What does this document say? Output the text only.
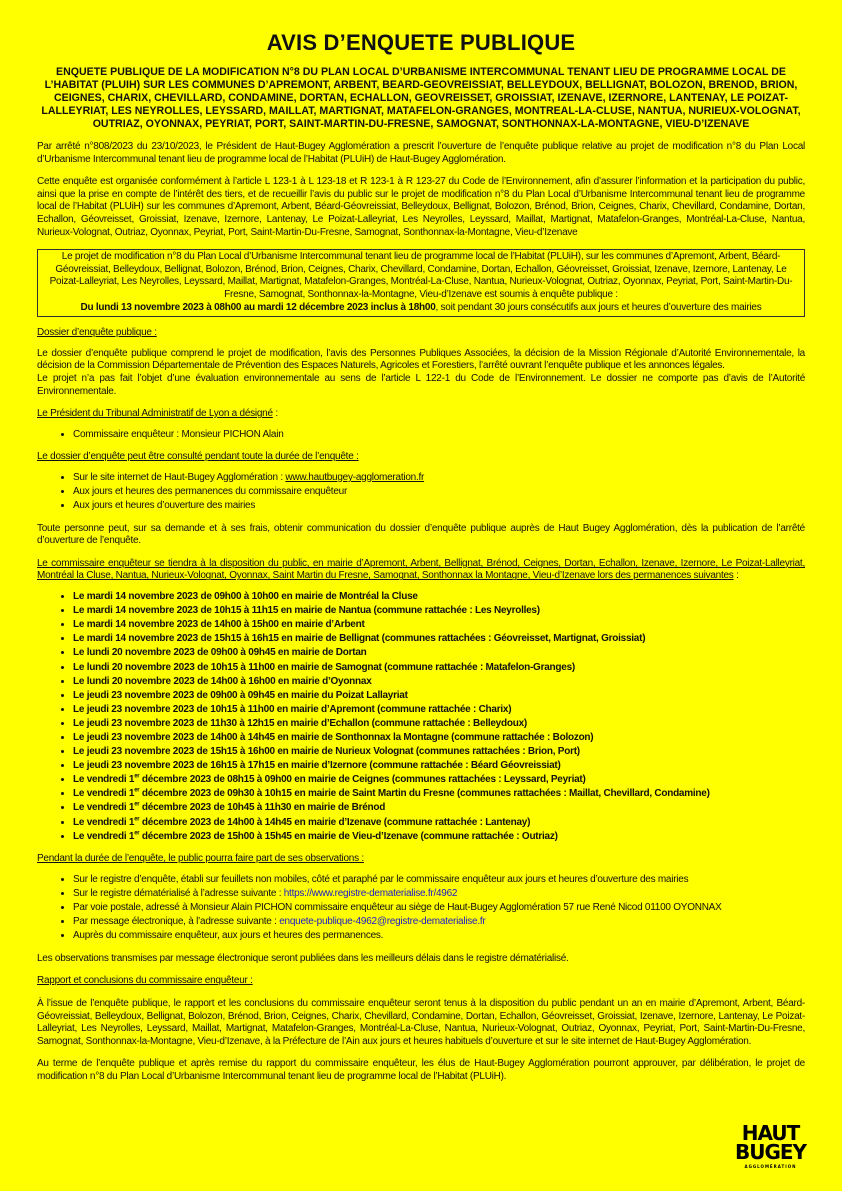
AVIS D’ENQUETE PUBLIQUE
ENQUETE PUBLIQUE DE LA MODIFICATION N°8 DU PLAN LOCAL D’URBANISME INTERCOMMUNAL TENANT LIEU DE PROGRAMME LOCAL DE L’HABITAT (PLUIH) SUR LES COMMUNES D’APREMONT, ARBENT, BEARD-GEOVREISSIAT, BELLEYDOUX, BELLIGNAT, BOLOZON, BRENOD, BRION, CEIGNES, CHARIX, CHEVILLARD, CONDAMINE, DORTAN, ECHALLON, GEOVREISSET, GROISSIAT, IZENAVE, IZERNORE, LANTENAY, LE POIZAT-LALLEYRIAT, LES NEYROLLES, LEYSSARD, MAILLAT, MARTIGNAT, MATAFELON-GRANGES, MONTREAL-LA-CLUSE, NANTUA, NURIEUX-VOLOGNAT, OUTRIAZ, OYONNAX, PEYRIAT, PORT, SAINT-MARTIN-DU-FRESNE, SAMOGNAT, SONTHONNAX-LA-MONTAGNE, VIEU-D’IZENAVE

Par arrêté n°808/2023 du 23/10/2023, le Président de Haut-Bugey Agglomération a prescrit l’ouverture de l’enquête publique relative au projet de modification n°8 du Plan Local d’Urbanisme Intercommunal tenant lieu de programme local de l’Habitat (PLUiH) de Haut-Bugey Agglomération.

Cette enquête est organisée conformément à l’article L 123-1 à L 123-18 et R 123-1 à R 123-27 du Code de l’Environnement, afin d’assurer l’information et la participation du public, ainsi que la prise en compte de l’intérêt des tiers, et de recueillir l’avis du public sur le projet de modification n°8 du Plan Local d’Urbanisme Intercommunal tenant lieu de programme local de l’Habitat (PLUiH) sur les communes d’Apremont, Arbent, Béard-Géovreissiat, Belleydoux, Bellignat, Bolozon, Brénod, Brion, Ceignes, Charix, Chevillard, Condamine, Dortan, Echallon, Géovreisset, Groissiat, Izenave, Izernore, Lantenay, Le Poizat-Lalleyriat, Les Neyrolles, Leyssard, Maillat, Martignat, Matafelon-Granges, Montréal-La-Cluse, Nantua, Nurieux-Volognat, Outriaz, Oyonnax, Peyriat, Port, Saint-Martin-Du-Fresne, Samognat, Sonthonnax-la-Montagne, Vieu-d’Izenave

Le projet de modification n°8 du Plan Local d’Urbanisme Intercommunal tenant lieu de programme local de l’Habitat (PLUiH), sur les communes d’Apremont, Arbent, Béard-Géovreissiat, Belleydoux, Bellignat, Bolozon, Brénod, Brion, Ceignes, Charix, Chevillard, Condamine, Dortan, Echallon, Géovreisset, Groissiat, Izenave, Izernore, Lantenay, Le Poizat-Lalleyriat, Les Neyrolles, Leyssard, Maillat, Martignat, Matafelon-Granges, Montréal-La-Cluse, Nantua, Nurieux-Volognat, Outriaz, Oyonnax, Peyriat, Port, Saint-Martin-Du-Fresne, Samognat, Sonthonnax-la-Montagne, Vieu-d’Izenave est soumis à enquête publique :
Du lundi 13 novembre 2023 à 08h00 au mardi 12 décembre 2023 inclus à 18h00, soit pendant 30 jours consécutifs aux jours et heures d’ouverture des mairies
Dossier d’enquête publique :

Le dossier d’enquête publique comprend le projet de modification, l’avis des Personnes Publiques Associées, la décision de la Mission Régionale d’Autorité Environnementale, la décision de la Commission Départementale de Prévention des Espaces Naturels, Agricoles et Forestiers, l’arrêté ouvrant l’enquête publique et les annonces légales.

Le projet n’a pas fait l’objet d’une évaluation environnementale au sens de l’article L 122-1 du Code de l’Environnement. Le dossier ne comporte pas d’avis de l’Autorité Environnementale.

Le Président du Tribunal Administratif de Lyon a désigné :
• Commissaire enquêteur : Monsieur PICHON Alain
Le dossier d’enquête peut être consulté pendant toute la durée de l’enquête :
• Sur le site internet de Haut-Bugey Agglomération : www.hautbugey-agglomeration.fr
• Aux jours et heures des permanences du commissaire enquêteur
• Aux jours et heures d’ouverture des mairies

Toute personne peut, sur sa demande et à ses frais, obtenir communication du dossier d’enquête publique auprès de Haut Bugey Agglomération, dès la publication de l’arrêté d’ouverture de l’enquête.

Le commissaire enquêteur se tiendra à la disposition du public, en mairie d’Apremont, Arbent, Bellignat, Brénod, Ceignes, Dortan, Echallon, Izenave, Izernore, Le Poizat-Lalleyriat, Montréal la Cluse, Nantua, Nurieux-Volognat, Oyonnax, Saint Martin du Fresne, Samognat, Sonthonnax la Montagne, Vieu-d’Izenave lors des permanences suivantes :
• Le mardi 14 novembre 2023 de 09h00 à 10h00 en mairie de Montréal la Cluse
• Le mardi 14 novembre 2023 de 10h15 à 11h15 en mairie de Nantua (commune rattachée : Les Neyrolles)
• Le mardi 14 novembre 2023 de 14h00 à 15h00 en mairie d’Arbent
• Le mardi 14 novembre 2023 de 15h15 à 16h15 en mairie de Bellignat (communes rattachées : Géovreisset, Martignat, Groissiat)
• Le lundi 20 novembre 2023 de 09h00 à 09h45 en mairie de Dortan
• Le lundi 20 novembre 2023 de 10h15 à 11h00 en mairie de Samognat (commune rattachée : Matafelon-Granges)
• Le lundi 20 novembre 2023 de 14h00 à 16h00 en mairie d’Oyonnax
• Le jeudi 23 novembre 2023 de 09h00 à 09h45 en mairie du Poizat Lallayriat
• Le jeudi 23 novembre 2023 de 10h15 à 11h00 en mairie d’Apremont (commune rattachée : Charix)
• Le jeudi 23 novembre 2023 de 11h30 à 12h15 en mairie d’Echallon (commune rattachée : Belleydoux)
• Le jeudi 23 novembre 2023 de 14h00 à 14h45 en mairie de Sonthonnax la Montagne (commune rattachée : Bolozon)
• Le jeudi 23 novembre 2023 de 15h15 à 16h00 en mairie de Nurieux Volognat (communes rattachées : Brion, Port)
• Le jeudi 23 novembre 2023 de 16h15 à 17h15 en mairie d’Izernore (commune rattachée : Béard Géovreissiat)
• Le vendredi 1er décembre 2023 de 08h15 à 09h00 en mairie de Ceignes (communes rattachées : Leyssard, Peyriat)
• Le vendredi 1er décembre 2023 de 09h30 à 10h15 en mairie de Saint Martin du Fresne (communes rattachées : Maillat, Chevillard, Condamine)
• Le vendredi 1er décembre 2023 de 10h45 à 11h30 en mairie de Brénod
• Le vendredi 1er décembre 2023 de 14h00 à 14h45 en mairie d’Izenave (commune rattachée : Lantenay)
• Le vendredi 1er décembre 2023 de 15h00 à 15h45 en mairie de Vieu-d’Izenave (commune rattachée : Outriaz)
Pendant la durée de l’enquête, le public pourra faire part de ses observations :
• Sur le registre d’enquête, établi sur feuillets non mobiles, côté et paraphé par le commissaire enquêteur aux jours et heures d’ouverture des mairies
• Sur le registre dématérialisé à l’adresse suivante : https://www.registre-dematerialise.fr/4962
• Par voie postale, adressé à Monsieur Alain PICHON commissaire enquêteur au siège de Haut-Bugey Agglomération 57 rue René Nicod 01100 OYONNAX
• Par message électronique, à l’adresse suivante : enquete-publique-4962@registre-dematerialise.fr
• Auprès du commissaire enquêteur, aux jours et heures des permanences.

Les observations transmises par message électronique seront publiées dans les meilleurs délais dans le registre dématérialisé.

Rapport et conclusions du commissaire enquêteur :

À l’issue de l’enquête publique, le rapport et les conclusions du commissaire enquêteur seront tenus à la disposition du public pendant un an en mairie d’Apremont, Arbent, Béard-Géovreissiat, Belleydoux, Bellignat, Bolozon, Brénod, Brion, Ceignes, Charix, Chevillard, Condamine, Dortan, Echallon, Géovreisset, Groissiat, Izenave, Izernore, Lantenay, Le Poizat-Lalleyriat, Les Neyrolles, Leyssard, Maillat, Martignat, Matafelon-Granges, Montréal-La-Cluse, Nantua, Nurieux-Volognat, Outriaz, Oyonnax, Peyriat, Port, Saint-Martin-Du-Fresne, Samognat, Sonthonnax-la-Montagne, Vieu-d’Izenave, à la Préfecture de l’Ain aux jours et heures habituels d’ouverture et sur le site internet de Haut-Bugey Agglomération.

Au terme de l’enquête publique et après remise du rapport du commissaire enquêteur, les élus de Haut-Bugey Agglomération pourront approuver, par délibération, le projet de modification n°8 du Plan Local d’Urbanisme Intercommunal tenant lieu de programme local de l’Habitat (PLUiH).

HAUT
BUGEY
AGGLOMÉRATION
